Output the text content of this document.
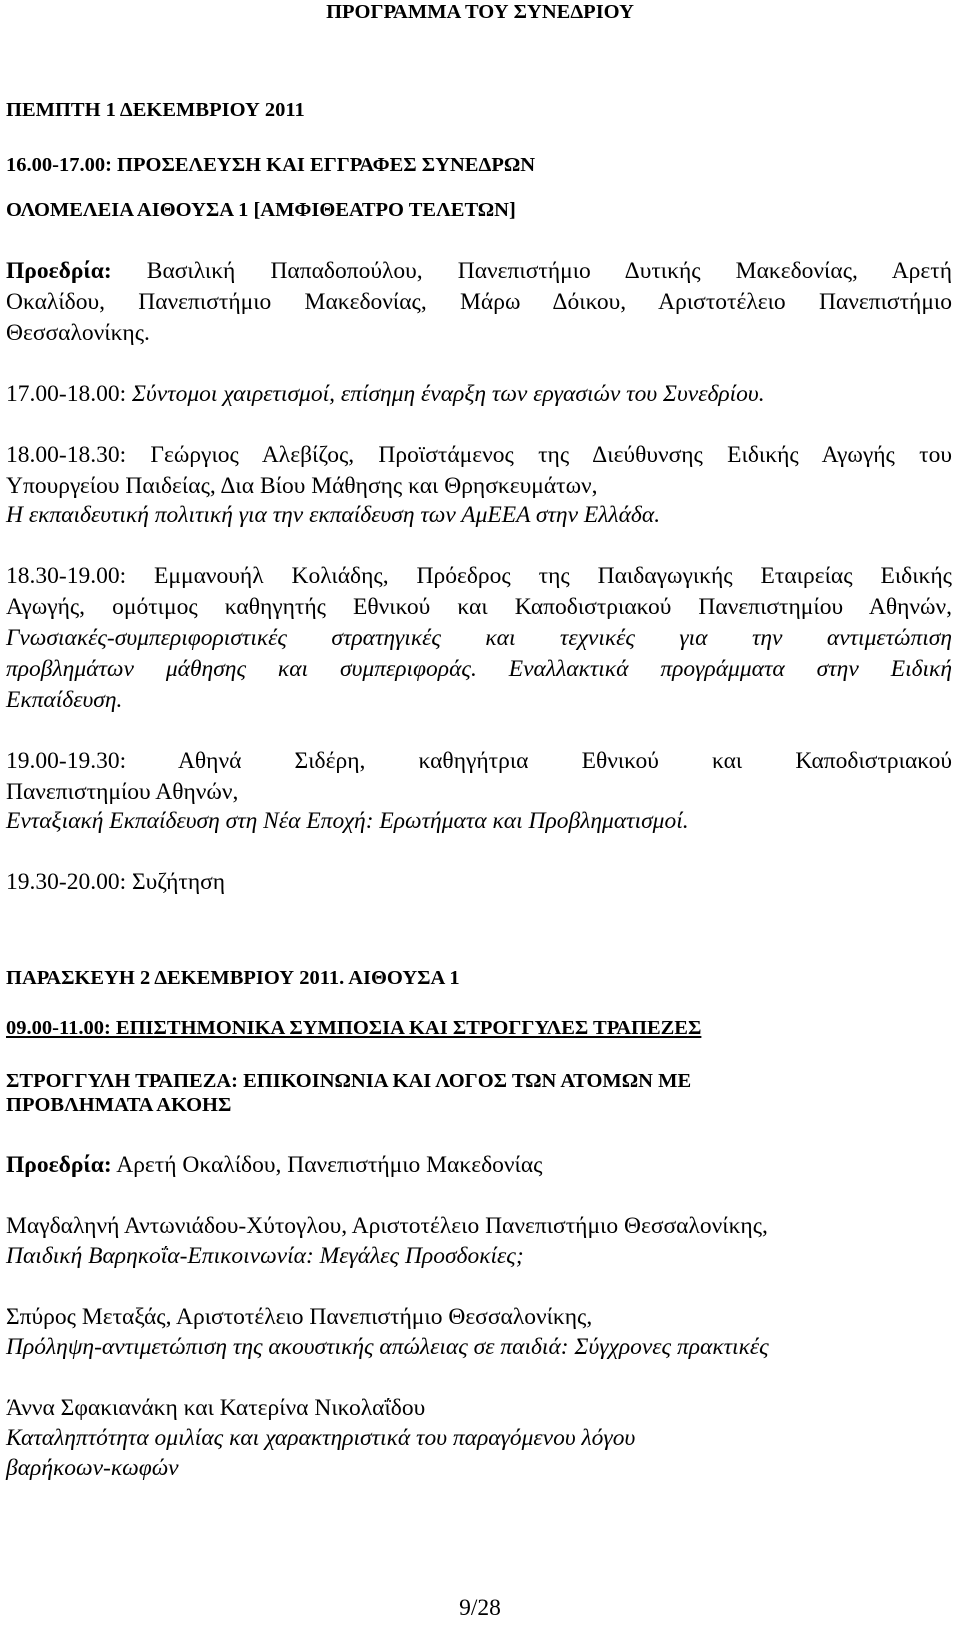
ΠΡΟΓΡΑΜΜΑ ΤΟΥ ΣΥΝΕΔΡΙΟΥ
ΠΕΜΠΤΗ 1 ΔΕΚΕΜΒΡΙΟΥ 2011
16.00-17.00: ΠΡΟΣΕΛΕΥΣΗ ΚΑΙ ΕΓΓΡΑΦΕΣ ΣΥΝΕΔΡΩΝ
ΟΛΟΜΕΛΕΙΑ ΑΙΘΟΥΣΑ 1 [ΑΜΦΙΘΕΑΤΡΟ ΤΕΛΕΤΩΝ]
Προεδρία: Βασιλική Παπαδοπούλου, Πανεπιστήμιο Δυτικής Μακεδονίας, Αρετή
Οκαλίδου, Πανεπιστήμιο Μακεδονίας, Μάρω Δόικου, Αριστοτέλειο Πανεπιστήμιο
Θεσσαλονίκης.
17.00-18.00: Σύντομοι χαιρετισμοί, επίσημη έναρξη των εργασιών του Συνεδρίου.
18.00-18.30: Γεώργιος Αλεβίζος, Προϊστάμενος της Διεύθυνσης Ειδικής Αγωγής του
Υπουργείου Παιδείας, Δια Βίου Μάθησης και Θρησκευμάτων,
Η εκπαιδευτική πολιτική για την εκπαίδευση των ΑμΕΕΑ στην Ελλάδα.
18.30-19.00: Εμμανουήλ Κολιάδης, Πρόεδρος της Παιδαγωγικής Εταιρείας Ειδικής
Αγωγής, ομότιμος καθηγητής Εθνικού και Καποδιστριακού Πανεπιστημίου Αθηνών,
Γνωσιακές-συμπεριφοριστικές στρατηγικές και τεχνικές για την αντιμετώπιση
προβλημάτων μάθησης και συμπεριφοράς. Εναλλακτικά προγράμματα στην Ειδική
Εκπαίδευση.
19.00-19.30: Αθηνά Σιδέρη, καθηγήτρια Εθνικού και Καποδιστριακού
Πανεπιστημίου Αθηνών,
Ενταξιακή Εκπαίδευση στη Νέα Εποχή: Ερωτήματα και Προβληματισμοί.
19.30-20.00: Συζήτηση
ΠΑΡΑΣΚΕΥΗ 2 ΔΕΚΕΜΒΡΙΟΥ 2011. ΑΙΘΟΥΣΑ 1
09.00-11.00: ΕΠΙΣΤΗΜΟΝΙΚΑ ΣΥΜΠΟΣΙΑ ΚΑΙ ΣΤΡΟΓΓΥΛΕΣ ΤΡΑΠΕΖΕΣ
ΣΤΡΟΓΓΥΛΗ ΤΡΑΠΕΖΑ: ΕΠΙΚΟΙΝΩΝΙΑ ΚΑΙ ΛΟΓΟΣ ΤΩΝ ΑΤΟΜΩΝ ΜΕ
ΠΡΟΒΛΗΜΑΤΑ ΑΚΟΗΣ
Προεδρία: Αρετή Οκαλίδου, Πανεπιστήμιο Μακεδονίας
Μαγδαληνή Αντωνιάδου-Χύτογλου, Αριστοτέλειο Πανεπιστήμιο Θεσσαλονίκης,
Παιδική Βαρηκοΐα-Επικοινωνία: Μεγάλες Προσδοκίες;
Σπύρος Μεταξάς, Αριστοτέλειο Πανεπιστήμιο Θεσσαλονίκης,
Πρόληψη-αντιμετώπιση της ακουστικής απώλειας σε παιδιά: Σύγχρονες πρακτικές
Άννα Σφακιανάκη και Κατερίνα Νικολαΐδου
Καταληπτότητα ομιλίας και χαρακτηριστικά του παραγόμενου λόγου
βαρήκοων-κωφών
9/28
